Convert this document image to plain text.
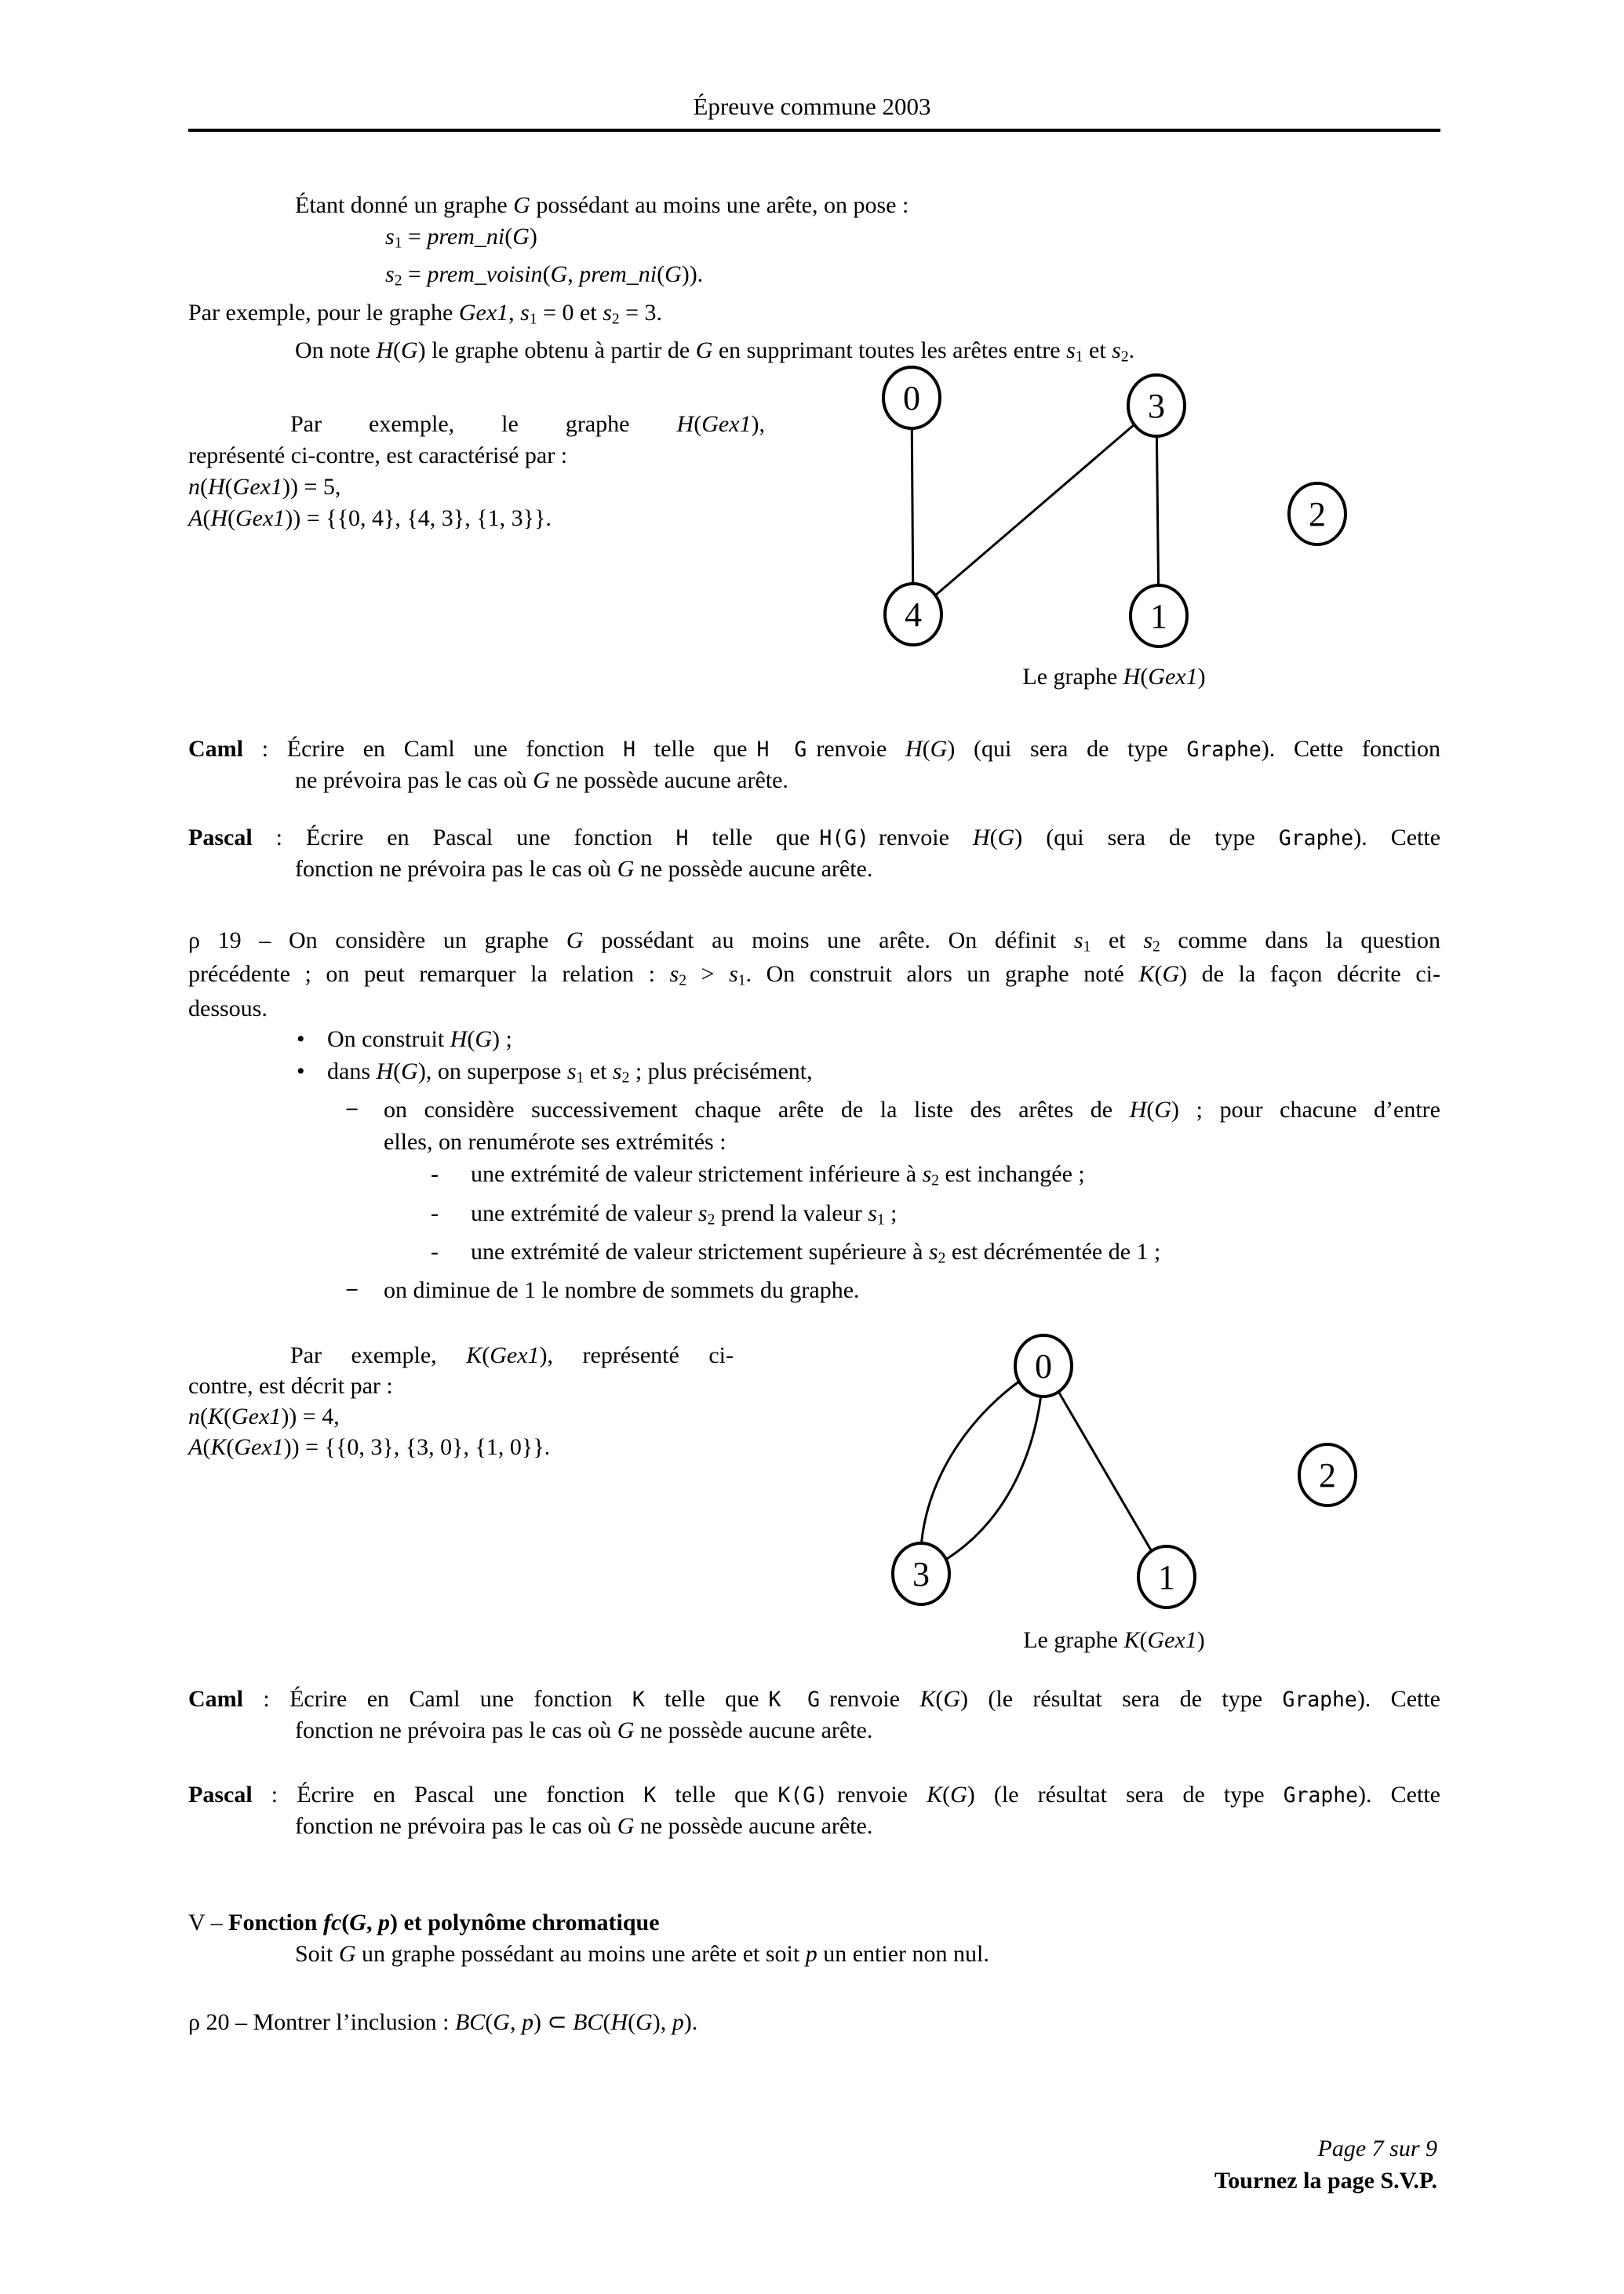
Épreuve commune 2003
Étant donné un graphe G possédant au moins une arête, on pose :
$s_1$ = prem_ni(G)
$s_2$ = prem_voisin(G, prem_ni(G)).
Par exemple, pour le graphe Gex1, $s_1 = 0$ et $s_2 = 3$.
On note H(G) le graphe obtenu à partir de G en supprimant toutes les arêtes entre $s_1$ et $s_2$.
0	3
2
4	1
Par exemple, le graphe H(Gex1),
représenté ci-contre, est caractérisé par :
n(H(Gex1)) = 5,
A(H(Gex1)) = {{0, 4}, {4, 3}, {1, 3}}.
Le graphe H(Gex1)
Caml : Écrire en Caml une fonction H telle que H G renvoie H(G) (qui sera de type Graphe). Cette fonction
ne prévoira pas le cas où G ne possède aucune arête.
Pascal : Écrire en Pascal une fonction H telle que H(G) renvoie H(G) (qui sera de type Graphe). Cette
fonction ne prévoira pas le cas où G ne possède aucune arête.
ρ 19 – On considère un graphe G possédant au moins une arête. On définit $s_1$ et $s_2$ comme dans la question
précédente ; on peut remarquer la relation : $s_2 > s_1$. On construit alors un graphe noté K(G) de la façon décrite ci-
dessous.
• On construit H(G) ;
• dans H(G), on superpose $s_1$ et $s_2$ ; plus précisément,
− on considère successivement chaque arête de la liste des arêtes de H(G) ; pour chacune d’entre
elles, on renumérote ses extrémités :
- une extrémité de valeur strictement inférieure à $s_2$ est inchangée ;
- une extrémité de valeur $s_2$ prend la valeur $s_1$ ;
- une extrémité de valeur strictement supérieure à $s_2$ est décrémentée de 1 ;
− on diminue de 1 le nombre de sommets du graphe.
0
3	1
2
Par exemple, K(Gex1), représenté ci-
contre, est décrit par :
n(K(Gex1)) = 4,
A(K(Gex1)) = {{0, 3}, {3, 0}, {1, 0}}.
Le graphe K(Gex1)
Caml : Écrire en Caml une fonction K telle que K G renvoie K(G) (le résultat sera de type Graphe). Cette
fonction ne prévoira pas le cas où G ne possède aucune arête.
Pascal : Écrire en Pascal une fonction K telle que K(G) renvoie K(G) (le résultat sera de type Graphe). Cette
fonction ne prévoira pas le cas où G ne possède aucune arête.
V – Fonction fc(G, p) et polynôme chromatique
Soit G un graphe possédant au moins une arête et soit p un entier non nul.
ρ 20 – Montrer l’inclusion : BC(G, p) ⊂ BC(H(G), p).
Page 7 sur 9
Tournez la page S.V.P.
